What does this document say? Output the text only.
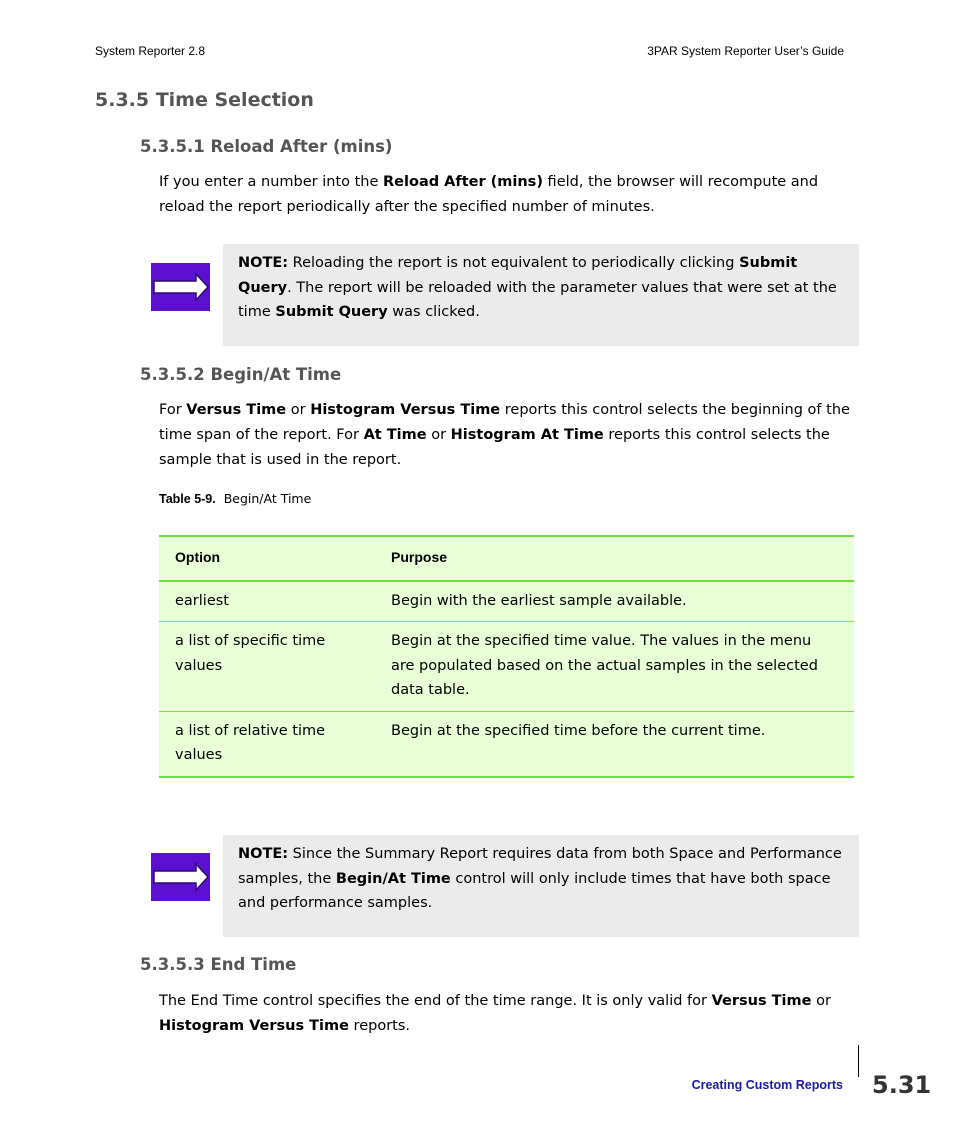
System Reporter 2.8	3PAR System Reporter User’s Guide
5.3.5 Time Selection
5.3.5.1 Reload After (mins)

If you enter a number into the Reload After (mins) field, the browser will recompute and reload the report periodically after the specified number of minutes.

NOTE: Reloading the report is not equivalent to periodically clicking Submit Query. The report will be reloaded with the parameter values that were set at the time Submit Query was clicked.

5.3.5.2 Begin/At Time

For Versus Time or Histogram Versus Time reports this control selects the beginning of the time span of the report. For At Time or Histogram At Time reports this control selects the sample that is used in the report.

Table 5-9. Begin/At Time
Option	Purpose
earliest	Begin with the earliest sample available.
a list of specific time values	Begin at the specified time value. The values in the menu are populated based on the actual samples in the selected data table.
a list of relative time values	Begin at the specified time before the current time.

NOTE: Since the Summary Report requires data from both Space and Performance samples, the Begin/At Time control will only include times that have both space and performance samples.

5.3.5.3 End Time

The End Time control specifies the end of the time range. It is only valid for Versus Time or Histogram Versus Time reports.

Creating Custom Reports 5.31
